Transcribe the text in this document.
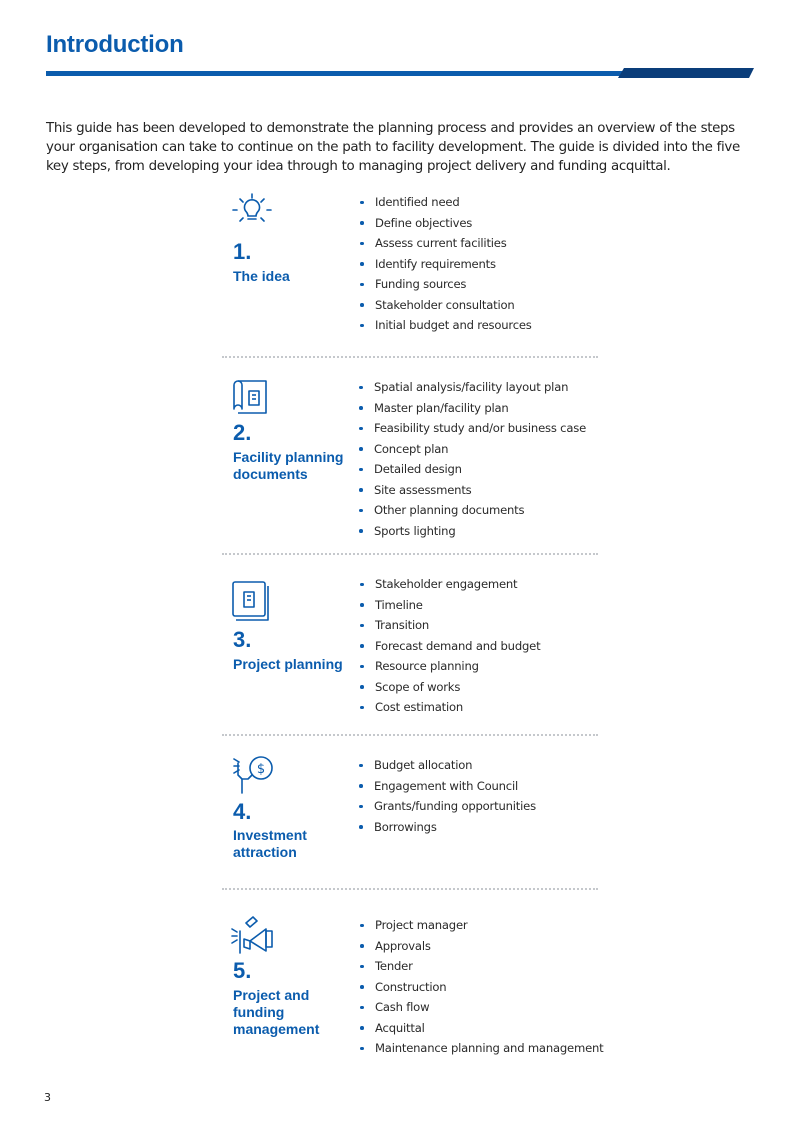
Introduction

This guide has been developed to demonstrate the planning process and provides an overview of the steps your organisation can take to continue on the path to facility development. The guide is divided into the five key steps, from developing your idea through to managing project delivery and funding acquittal.

1.
The idea
Identified need
Define objectives
Assess current facilities
Identify requirements
Funding sources
Stakeholder consultation
Initial budget and resources
2.
Facility planning documents
Spatial analysis/facility layout plan
Master plan/facility plan
Feasibility study and/or business case
Concept plan
Detailed design
Site assessments
Other planning documents
Sports lighting
3.
Project planning
Stakeholder engagement
Timeline
Transition
Forecast demand and budget
Resource planning
Scope of works
Cost estimation
$
4.
Investment attraction
Budget allocation
Engagement with Council
Grants/funding opportunities
Borrowings
5.
Project and funding management
Project manager
Approvals
Tender
Construction
Cash flow
Acquittal
Maintenance planning and management
3
